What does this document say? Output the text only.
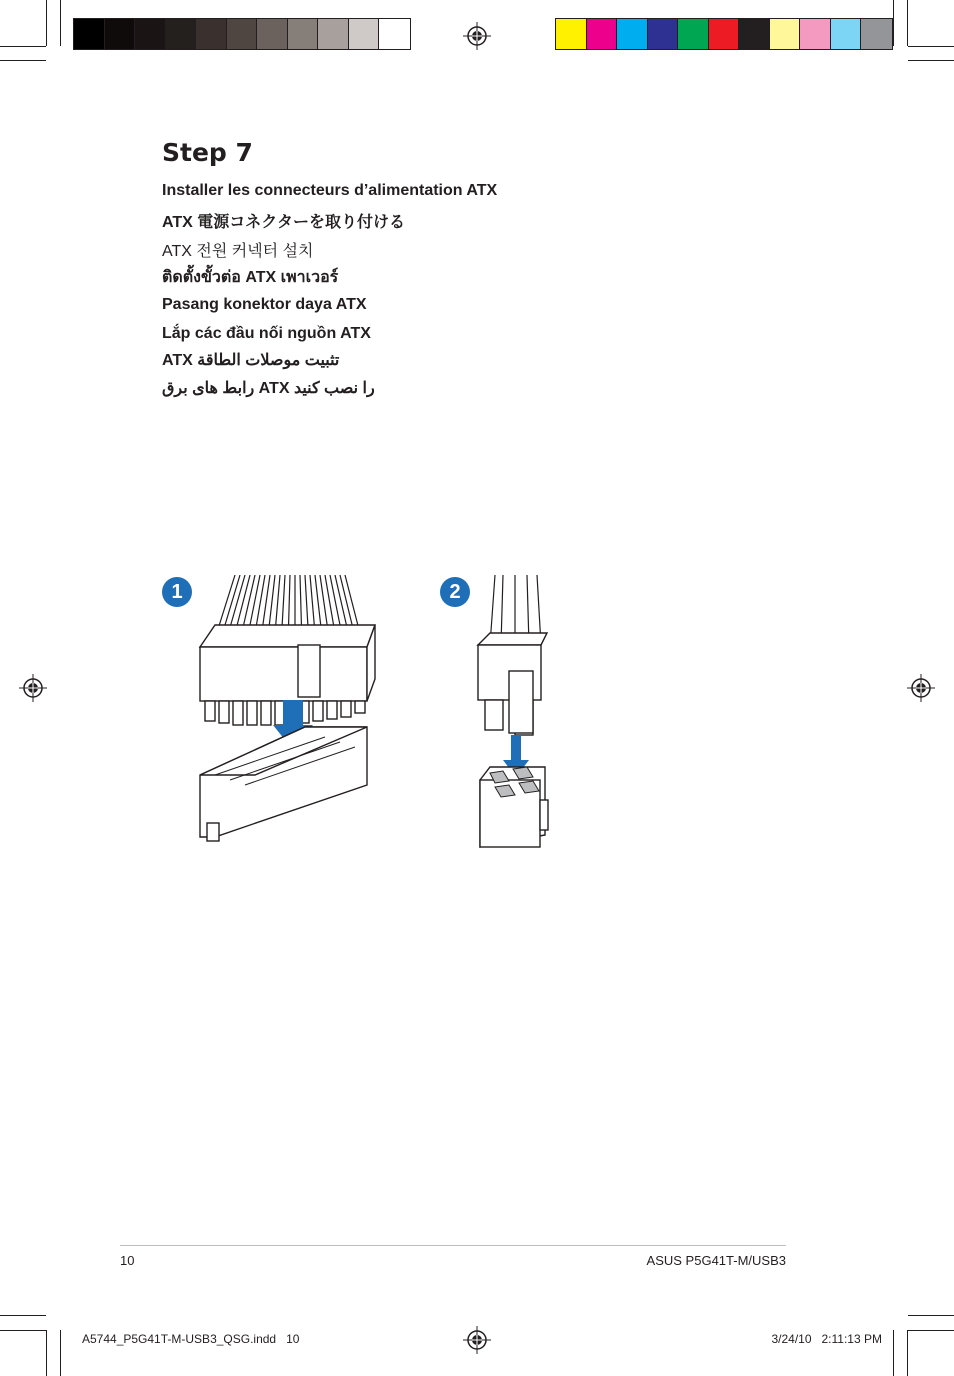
Step 7
Installer les connecteurs d’alimentation ATX
ATX 電源コネクターを取り付ける
ATX 전원 커넥터 설치
ติดตั้งขั้วต่อ ATX เพาเวอร์
Pasang konektor daya ATX
Lắp các đầu nối nguồn ATX
ATX تثبيت موصلات الطاقة
رابط های برق ATX را نصب کنید
1	2
10	ASUS P5G41T-M/USB3
A5744_P5G41T-M-USB3_QSG.indd   10	3/24/10   2:11:13 PM
